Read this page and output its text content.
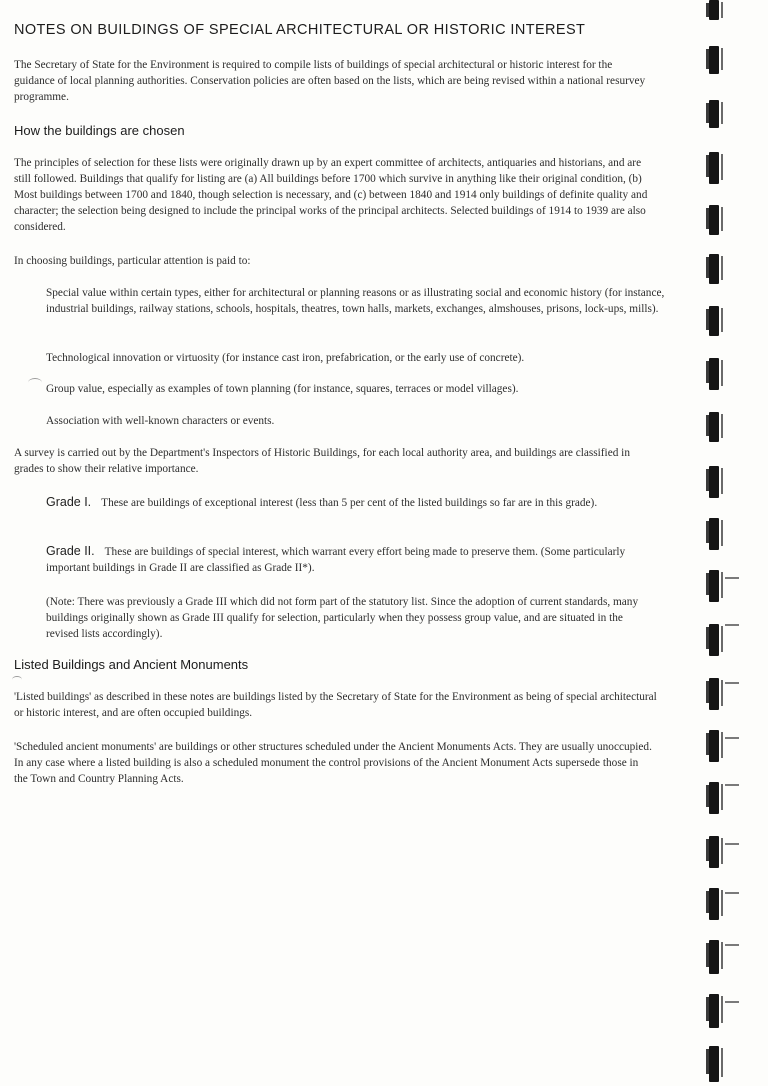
NOTES ON BUILDINGS OF SPECIAL ARCHITECTURAL OR HISTORIC INTEREST

The Secretary of State for the Environment is required to compile lists of buildings of special architectural or historic interest for the guidance of local planning authorities. Conservation policies are often based on the lists, which are being revised within a national resurvey programme.

How the buildings are chosen

The principles of selection for these lists were originally drawn up by an expert committee of architects, antiquaries and historians, and are still followed. Buildings that qualify for listing are (a) All buildings before 1700 which survive in anything like their original condition, (b) Most buildings between 1700 and 1840, though selection is necessary, and (c) between 1840 and 1914 only buildings of definite quality and character; the selection being designed to include the principal works of the principal architects. Selected buildings of 1914 to 1939 are also considered.

In choosing buildings, particular attention is paid to:

Special value within certain types, either for architectural or planning reasons or as illustrating social and economic history (for instance, industrial buildings, railway stations, schools, hospitals, theatres, town halls, markets, exchanges, almshouses, prisons, lock-ups, mills).

Technological innovation or virtuosity (for instance cast iron, prefabrication, or the early use of concrete).

Group value, especially as examples of town planning (for instance, squares, terraces or model villages).

Association with well-known characters or events.

A survey is carried out by the Department's Inspectors of Historic Buildings, for each local authority area, and buildings are classified in grades to show their relative importance.

Grade I. These are buildings of exceptional interest (less than 5 per cent of the listed buildings so far are in this grade).

Grade II. These are buildings of special interest, which warrant every effort being made to preserve them. (Some particularly important buildings in Grade II are classified as Grade II*).

(Note: There was previously a Grade III which did not form part of the statutory list. Since the adoption of current standards, many buildings originally shown as Grade III qualify for selection, particularly when they possess group value, and are situated in the revised lists accordingly).

Listed Buildings and Ancient Monuments

'Listed buildings' as described in these notes are buildings listed by the Secretary of State for the Environment as being of special architectural or historic interest, and are often occupied buildings.

'Scheduled ancient monuments' are buildings or other structures scheduled under the Ancient Monuments Acts. They are usually unoccupied. In any case where a listed building is also a scheduled monument the control provisions of the Ancient Monument Acts supersede those in the Town and Country Planning Acts.
